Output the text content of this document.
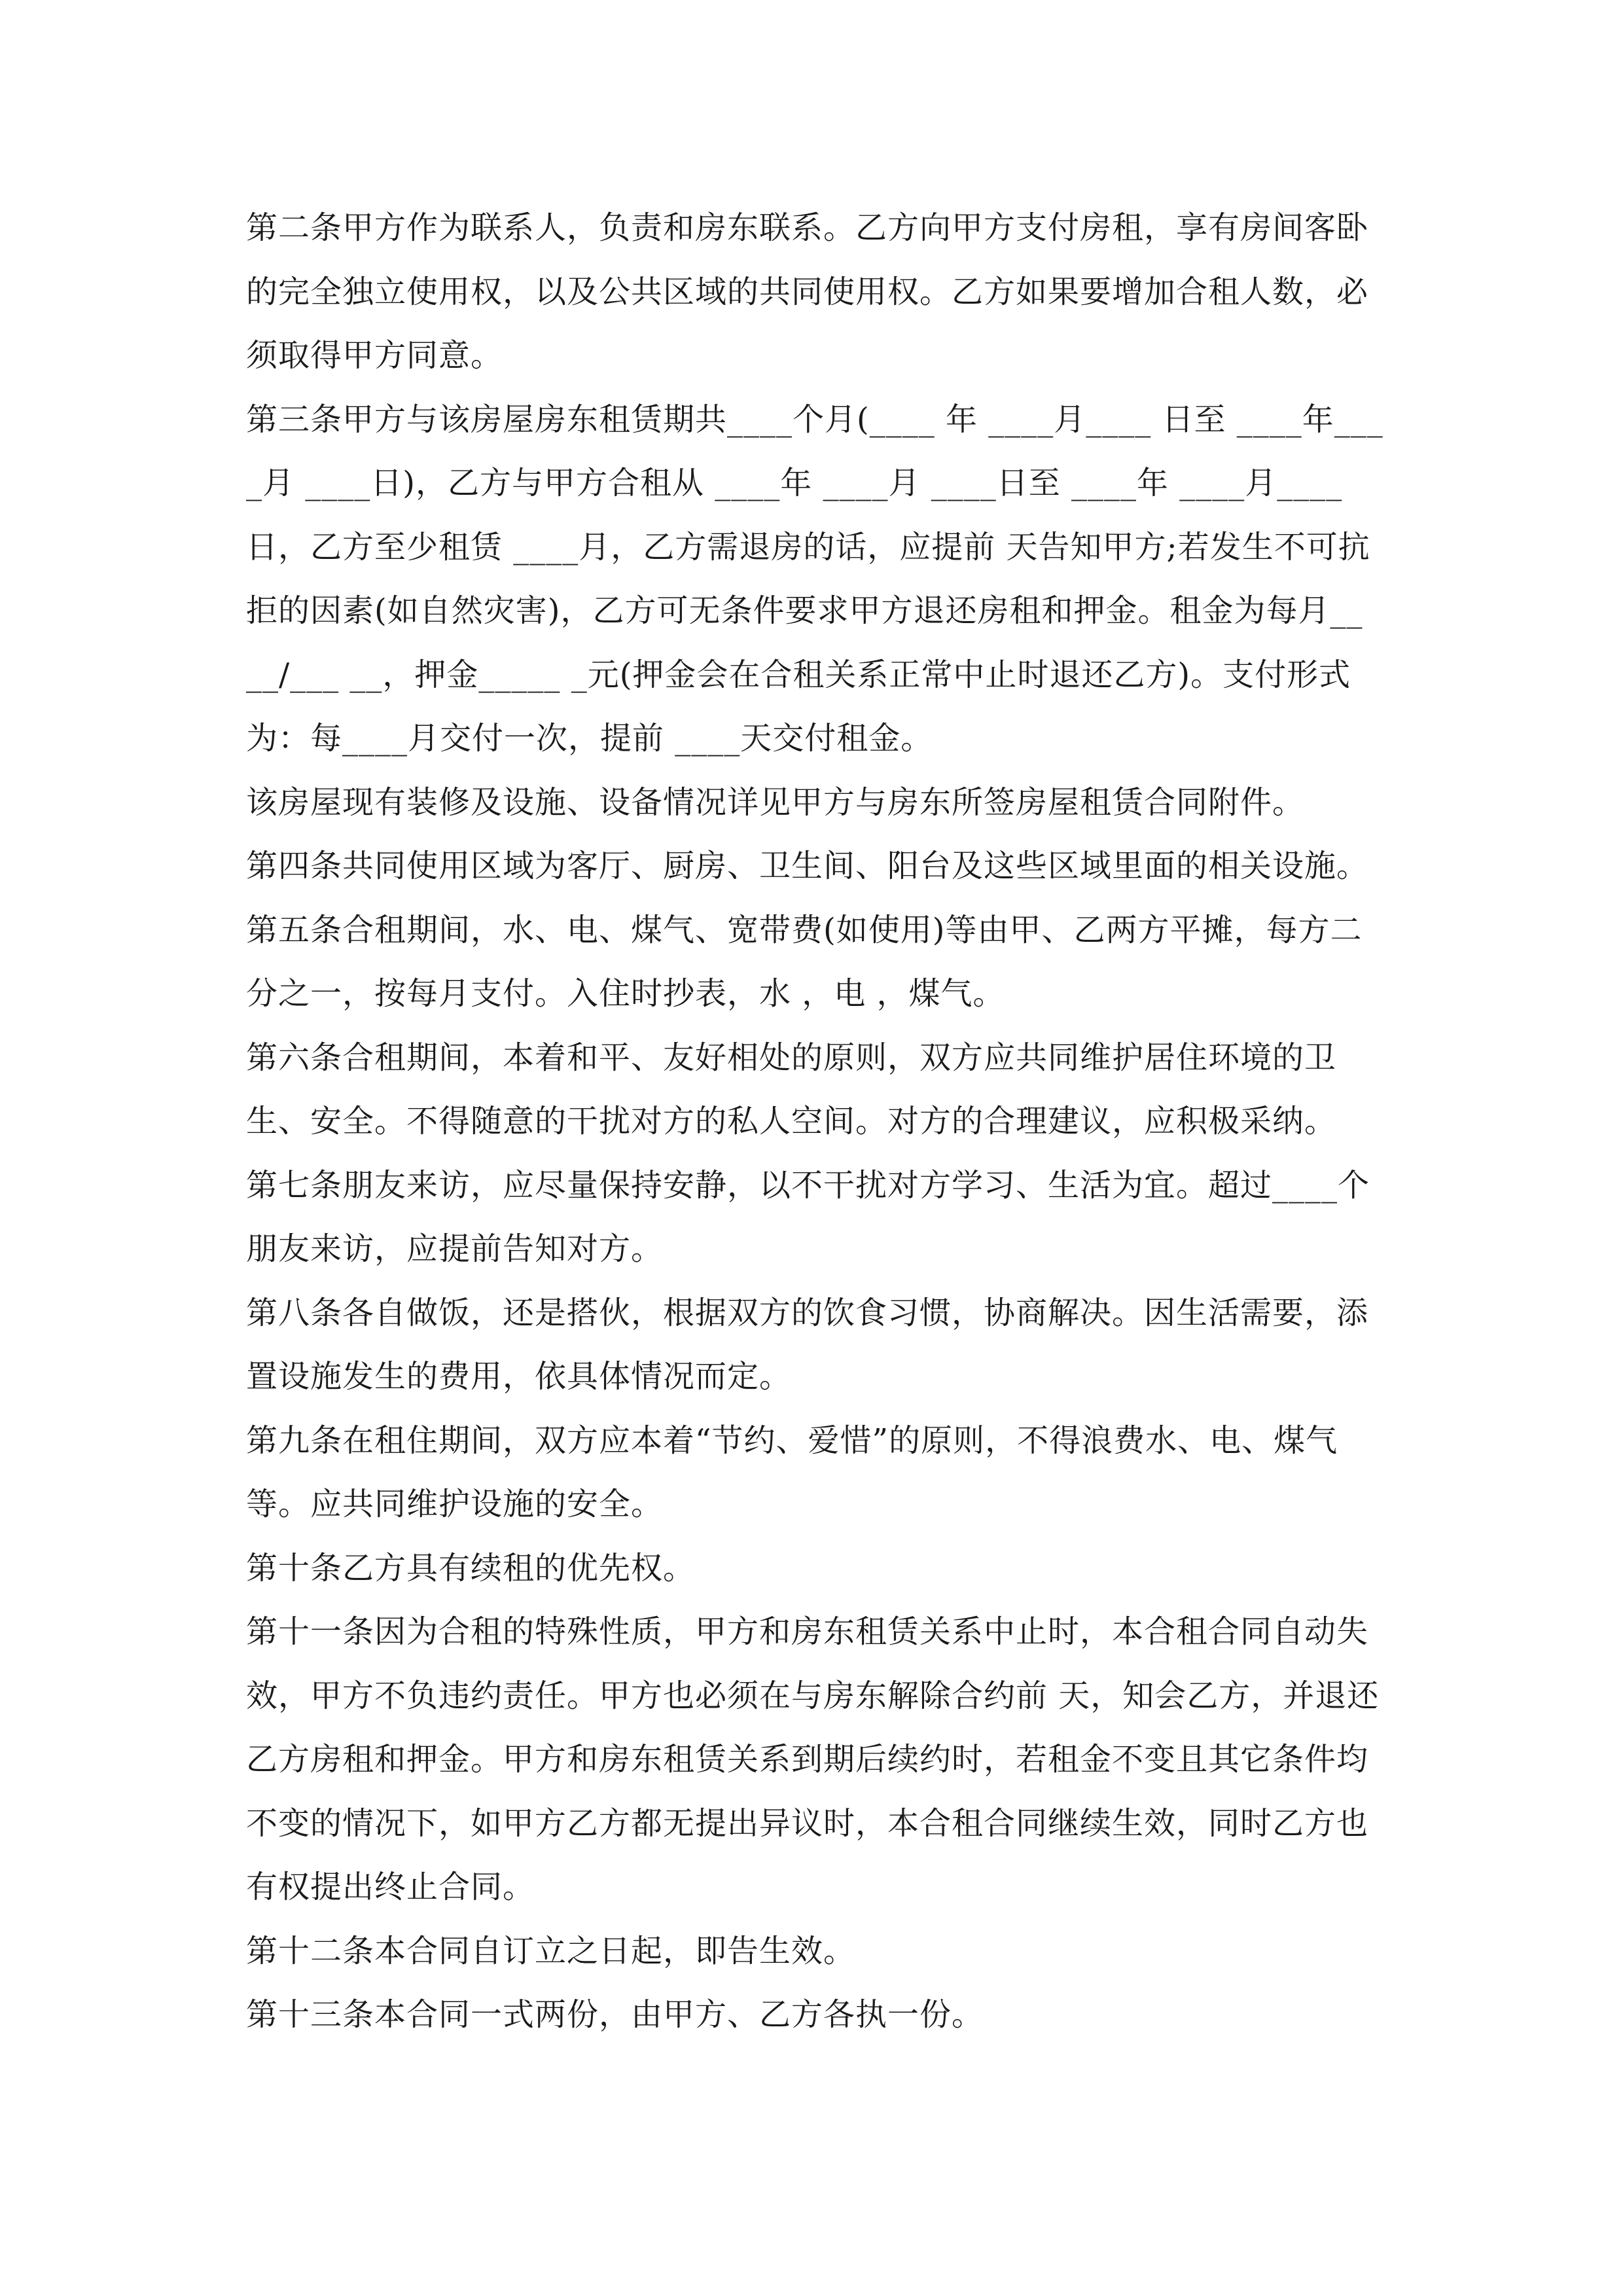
第二条甲方作为联系人，负责和房东联系。乙方向甲方支付房租，享有房间客卧的完全独立使用权，以及公共区域的共同使用权。乙方如果要增加合租人数，必须取得甲方同意。

第三条甲方与该房屋房东租赁期共____个月(____ 年 ____月____ 日至 ____年____月 ____日)，乙方与甲方合租从 ____年 ____月 ____日至 ____年 ____月____ 日，乙方至少租赁 ____月，乙方需退房的话，应提前 天告知甲方;若发生不可抗拒的因素(如自然灾害)，乙方可无条件要求甲方退还房租和押金。租金为每月__ __/___ __，押金_____ _元(押金会在合租关系正常中止时退还乙方)。支付形式为：每____月交付一次，提前 ____天交付租金。

该房屋现有装修及设施、设备情况详见甲方与房东所签房屋租赁合同附件。

第四条共同使用区域为客厅、厨房、卫生间、阳台及这些区域里面的相关设施。

第五条合租期间，水、电、煤气、宽带费(如使用)等由甲、乙两方平摊，每方二分之一，按每月支付。入住时抄表，水 ，电 ，煤气。

第六条合租期间，本着和平、友好相处的原则，双方应共同维护居住环境的卫生、安全。不得随意的干扰对方的私人空间。对方的合理建议，应积极采纳。

第七条朋友来访，应尽量保持安静，以不干扰对方学习、生活为宜。超过____个朋友来访，应提前告知对方。

第八条各自做饭，还是搭伙，根据双方的饮食习惯，协商解决。因生活需要，添置设施发生的费用，依具体情况而定。

第九条在租住期间，双方应本着“节约、爱惜”的原则，不得浪费水、电、煤气等。应共同维护设施的安全。

第十条乙方具有续租的优先权。

第十一条因为合租的特殊性质，甲方和房东租赁关系中止时，本合租合同自动失效，甲方不负违约责任。甲方也必须在与房东解除合约前 天，知会乙方，并退还乙方房租和押金。甲方和房东租赁关系到期后续约时，若租金不变且其它条件均不变的情况下，如甲方乙方都无提出异议时，本合租合同继续生效，同时乙方也有权提出终止合同。

第十二条本合同自订立之日起，即告生效。

第十三条本合同一式两份，由甲方、乙方各执一份。
